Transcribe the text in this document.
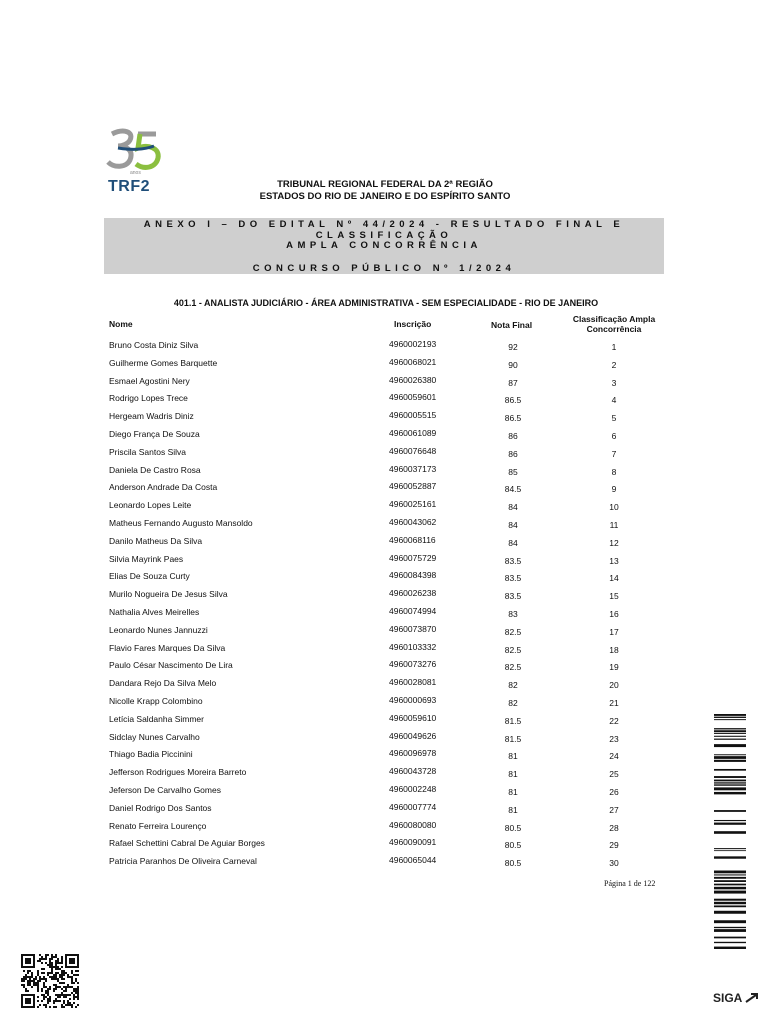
anos
TRF2	TRIBUNAL REGIONAL FEDERAL DA 2ª REGIÃO
ESTADOS DO RIO DE JANEIRO E DO ESPÍRITO SANTO
ANEXO I – DO EDITAL Nº 44/2024 - RESULTADO FINAL E
CLASSIFICAÇÃO
AMPLA CONCORRÊNCIA
CONCURSO PÚBLICO Nº 1/2024
401.1 - ANALISTA JUDICIÁRIO - ÁREA ADMINISTRATIVA - SEM ESPECIALIDADE - RIO DE JANEIRO
Nome	Inscrição	Nota Final
Classificação Ampla
Concorrência
Bruno Costa Diniz Silva	4960002193	92	1
Guilherme Gomes Barquette	4960068021	90	2
Esmael Agostini Nery	4960026380	87	3
Rodrigo Lopes Trece	4960059601	86.5	4
Hergeam Wadris Diniz	4960005515	86.5	5
Diego França De Souza	4960061089	86	6
Priscila Santos Silva	4960076648	86	7
Daniela De Castro Rosa	4960037173	85	8
Anderson Andrade Da Costa	4960052887	84.5	9
Leonardo Lopes Leite	4960025161	84	10
Matheus Fernando Augusto Mansoldo	4960043062	84	11
Danilo Matheus Da Silva	4960068116	84	12
Silvia Mayrink Paes	4960075729	83.5	13
Elias De Souza Curty	4960084398	83.5	14
Murilo Nogueira De Jesus Silva	4960026238	83.5	15
Nathalia Alves Meirelles	4960074994	83	16
Leonardo Nunes Jannuzzi	4960073870	82.5	17
Flavio Fares Marques Da Silva	4960103332	82.5	18
Paulo César Nascimento De Lira	4960073276	82.5	19
Dandara Rejo Da Silva Melo	4960028081	82	20
Nicolle Krapp Colombino	4960000693	82	21
Letícia Saldanha Simmer	4960059610	81.5	22
Sidclay Nunes Carvalho	4960049626	81.5	23
Thiago Badia Piccinini	4960096978	81	24
Jefferson Rodrigues Moreira Barreto	4960043728	81	25
Jeferson De Carvalho Gomes	4960002248	81	26
Daniel Rodrigo Dos Santos	4960007774	81	27
Renato Ferreira Lourenço	4960080080	80.5	28
Rafael Schettini Cabral De Aguiar Borges	4960090091	80.5	29
Patricia Paranhos De Oliveira Carneval	4960065044	80.5	30
Página 1 de 122
SIGA
